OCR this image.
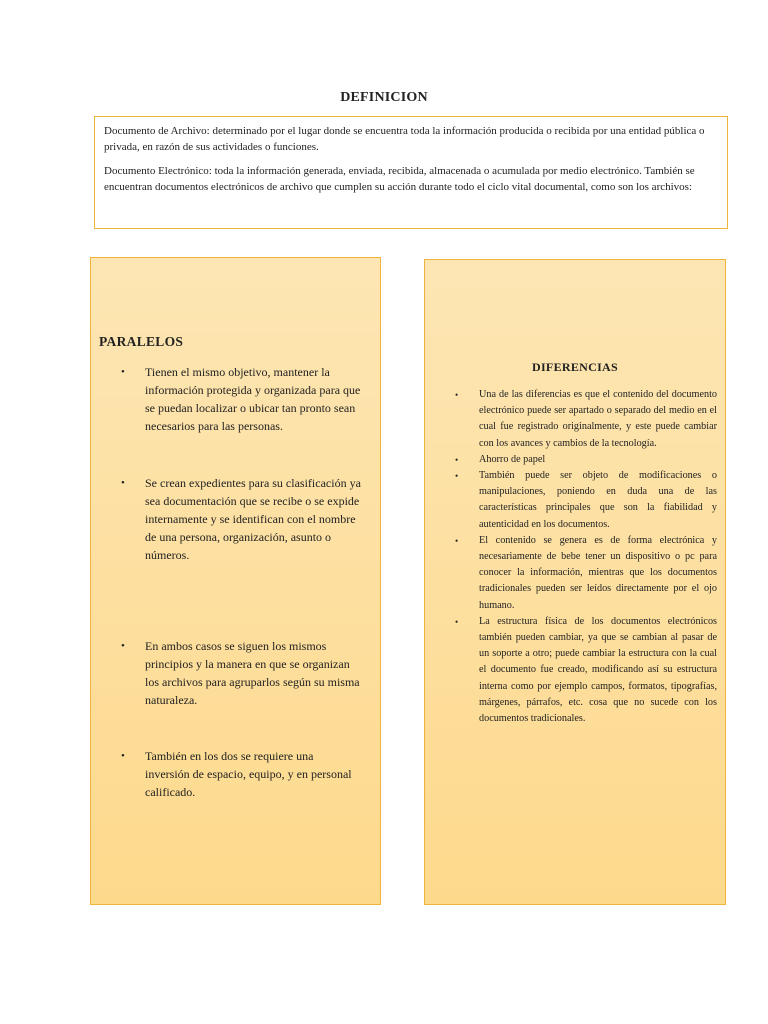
DEFINICION

Documento de Archivo: determinado por el lugar donde se encuentra toda la información producida o recibida por una entidad pública o privada, en razón de sus actividades o funciones.

Documento Electrónico: toda la información generada, enviada, recibida, almacenada o acumulada por medio electrónico. También se encuentran documentos electrónicos de archivo que cumplen su acción durante todo el ciclo vital documental, como son los archivos:

PARALELOS
• Tienen el mismo objetivo, mantener la información protegida y organizada para que se puedan localizar o ubicar tan pronto sean necesarios para las personas.
• Se crean expedientes para su clasificación ya sea documentación que se recibe o se expide internamente y se identifican con el nombre de una persona, organización, asunto o números.
• En ambos casos se siguen los mismos principios y la manera en que se organizan los archivos para agruparlos según su misma naturaleza.
• También en los dos se requiere una inversión de espacio, equipo, y en personal calificado.
DIFERENCIAS
• Una de las diferencias es que el contenido del documento electrónico puede ser apartado o separado del medio en el cual fue registrado originalmente, y este puede cambiar con los avances y cambios de la tecnología.
• Ahorro de papel
• También puede ser objeto de modificaciones o manipulaciones, poniendo en duda una de las características principales que son la fiabilidad y autenticidad en los documentos.
• El contenido se genera es de forma electrónica y necesariamente de bebe tener un dispositivo o pc para conocer la información, mientras que los documentos tradicionales pueden ser leídos directamente por el ojo humano.
• La estructura física de los documentos electrónicos también pueden cambiar, ya que se cambian al pasar de un soporte a otro; puede cambiar la estructura con la cual el documento fue creado, modificando así su estructura interna como por ejemplo campos, formatos, tipografías, márgenes, párrafos, etc. cosa que no sucede con los documentos tradicionales.
